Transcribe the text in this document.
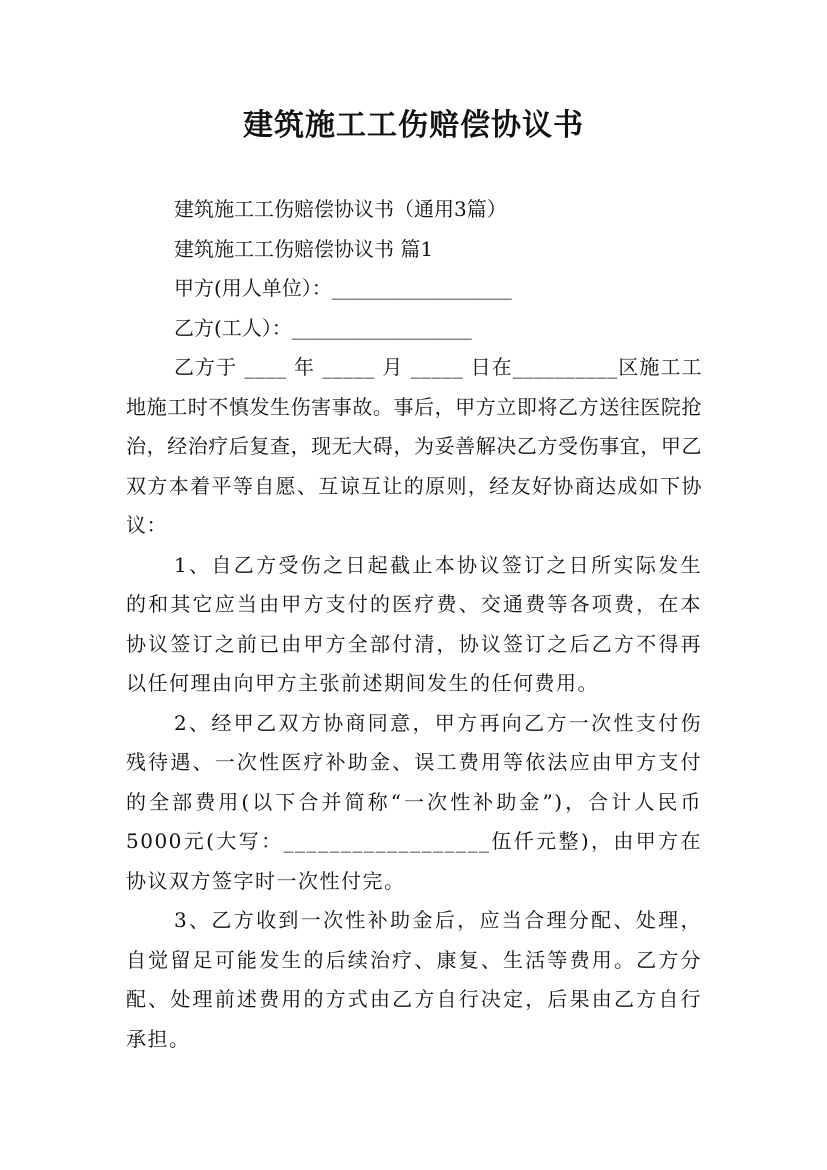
建筑施工工伤赔偿协议书
建筑施工工伤赔偿协议书（通用3篇）
建筑施工工伤赔偿协议书 篇1
甲方(用人单位）：__________________
乙方(工人）：__________________
乙方于 ____ 年 _____ 月 _____ 日在__________区施工工地施工时不慎发生伤害事故。事后，甲方立即将乙方送往医院抢治，经治疗后复查，现无大碍，为妥善解决乙方受伤事宜，甲乙双方本着平等自愿、互谅互让的原则，经友好协商达成如下协议：
1、自乙方受伤之日起截止本协议签订之日所实际发生的和其它应当由甲方支付的医疗费、交通费等各项费，在本协议签订之前已由甲方全部付清，协议签订之后乙方不得再以任何理由向甲方主张前述期间发生的任何费用。
2、经甲乙双方协商同意，甲方再向乙方一次性支付伤残待遇、一次性医疗补助金、误工费用等依法应由甲方支付的全部费用(以下合并简称“一次性补助金”)，合计人民币5000元(大写：__________________伍仟元整)，由甲方在协议双方签字时一次性付完。
3、乙方收到一次性补助金后，应当合理分配、处理，自觉留足可能发生的后续治疗、康复、生活等费用。乙方分配、处理前述费用的方式由乙方自行决定，后果由乙方自行承担。
